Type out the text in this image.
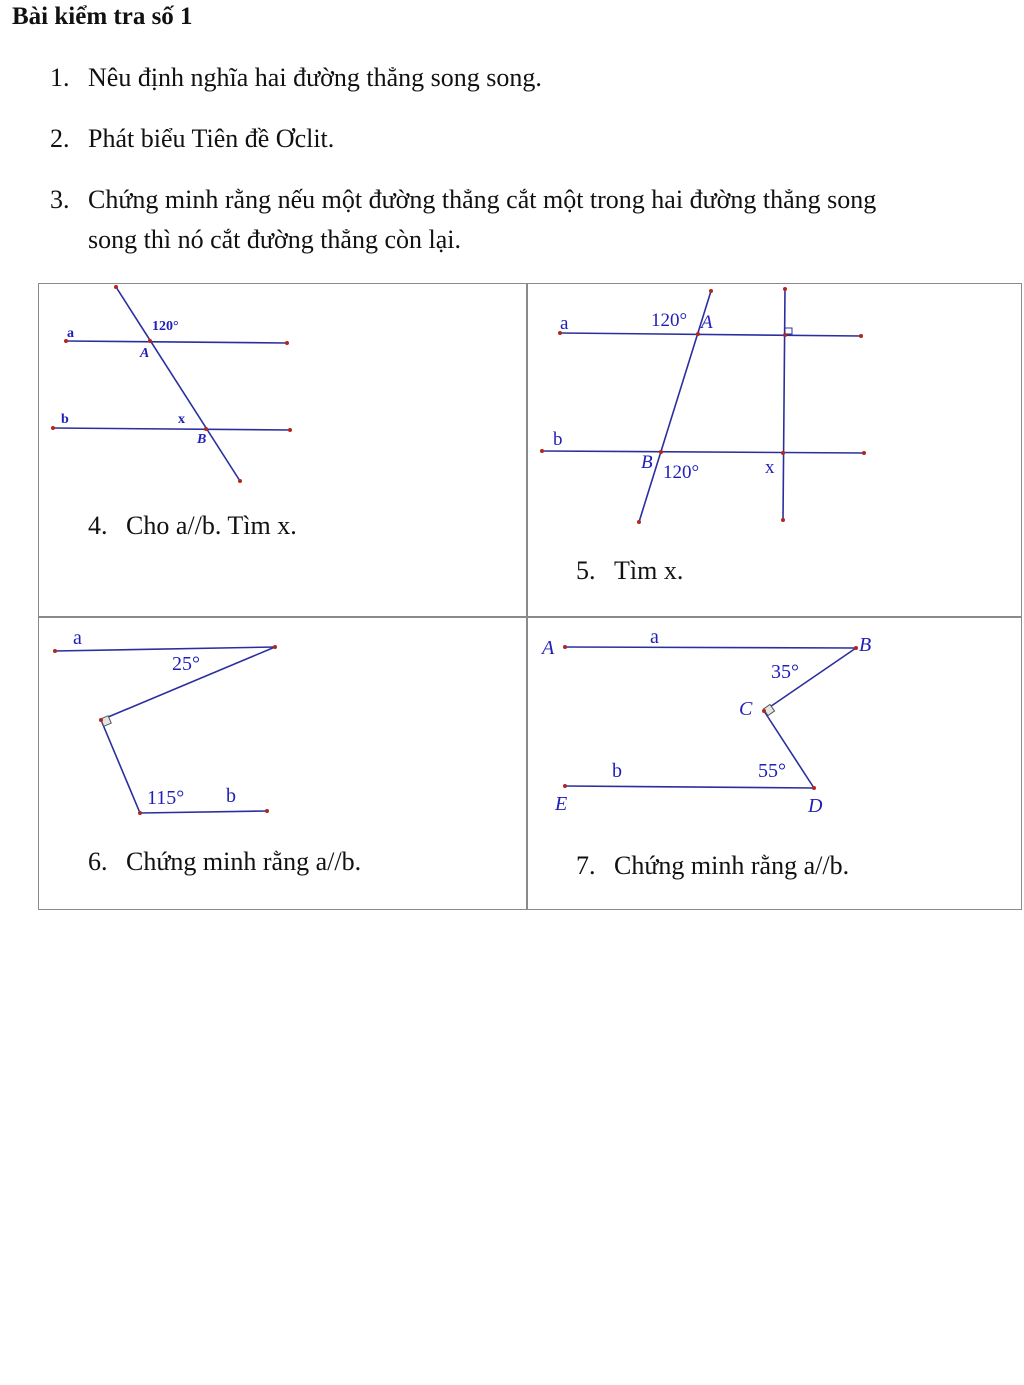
Bài kiểm tra số 1
1. Nêu định nghĩa hai đường thẳng song song.
2. Phát biểu Tiên đề Ơclit.
3. Chứng minh rằng nếu một đường thẳng cắt một trong hai đường thẳng song
song thì nó cắt đường thẳng còn lại.
a
b
120°
A
x
B
a
b
120° A
B 120°	x
a
25°
115° b
A	a	B
35°
C
b	55°
E	D
4. Cho a//b. Tìm x.
5. Tìm x.
6. Chứng minh rằng a//b.	7. Chứng minh rằng a//b.
